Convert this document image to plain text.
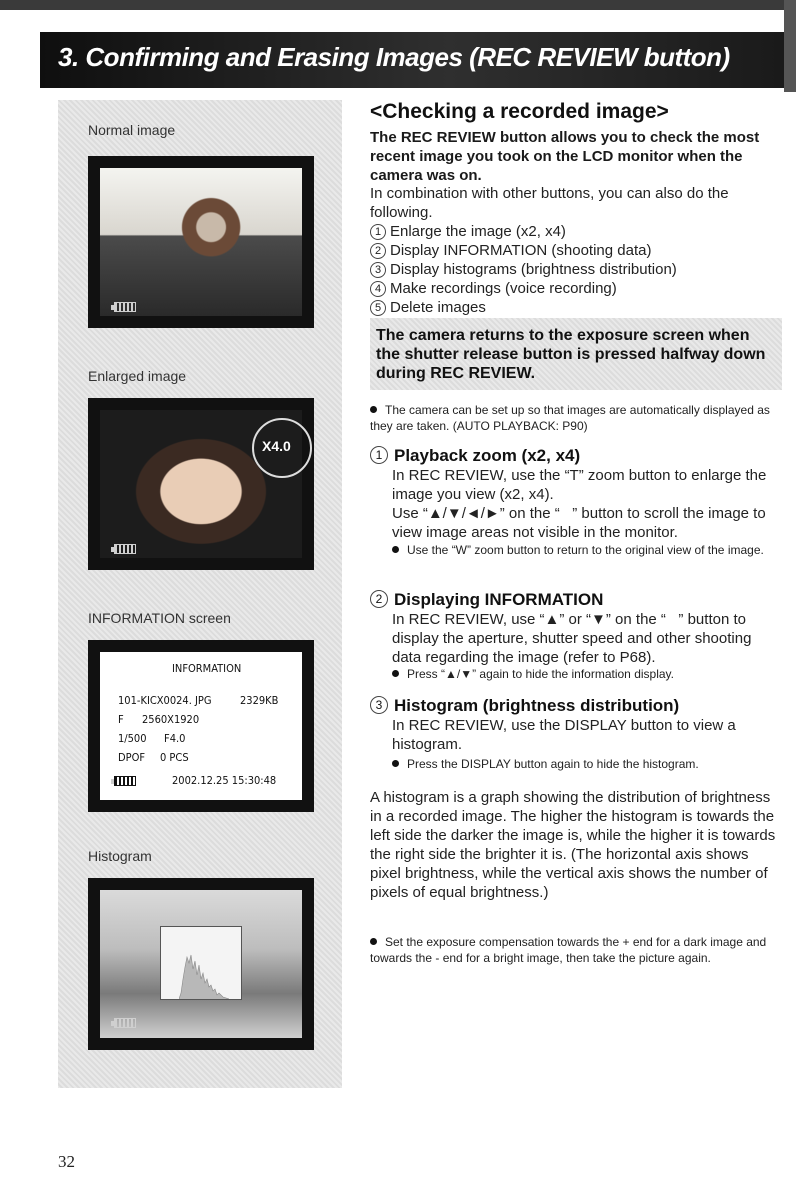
3. Confirming and Erasing Images (REC REVIEW button)
Normal image
Enlarged image
X4.0
INFORMATION screen
INFORMATION
101-KICX0024. JPG	2329KB
F 2560X1920
1/500 F4.0
DPOF 0 PCS
2002.12.25 15:30:48
Histogram
<Checking a recorded image>
The REC REVIEW button allows you to check the most recent image you took on the LCD monitor when the camera was on.
In combination with other buttons, you can also do the following.
1 Enlarge the image (x2, x4)
2 Display INFORMATION (shooting data)
3 Display histograms (brightness distribution)
4 Make recordings (voice recording)
5 Delete images
The camera returns to the exposure screen when the shutter release button is pressed halfway down during REC REVIEW.
The camera can be set up so that images are automatically displayed as they are taken. (AUTO PLAYBACK: P90)
1 Playback zoom (x2, x4)
In REC REVIEW, use the “T” zoom button to enlarge the image you view (x2, x4).
Use “▲/▼/◄/►” on the “   ” button to scroll the image to view image areas not visible in the monitor.
Use the “W” zoom button to return to the original view of the image.
2 Displaying INFORMATION
In REC REVIEW, use “▲” or “▼” on the “   ” button to display the aperture, shutter speed and other shooting data regarding the image (refer to P68).
Press “▲/▼” again to hide the information display.
3 Histogram (brightness distribution)
In REC REVIEW, use the DISPLAY button to view a histogram.
Press the DISPLAY button again to hide the histogram.
A histogram is a graph showing the distribution of brightness in a recorded image. The higher the histogram is towards the left side the darker the image is, while the higher it is towards the right side the brighter it is. (The horizontal axis shows pixel brightness, while the vertical axis shows the number of pixels of equal brightness.)
Set the exposure compensation towards the + end for a dark image and towards the - end for a bright image, then take the picture again.
32
